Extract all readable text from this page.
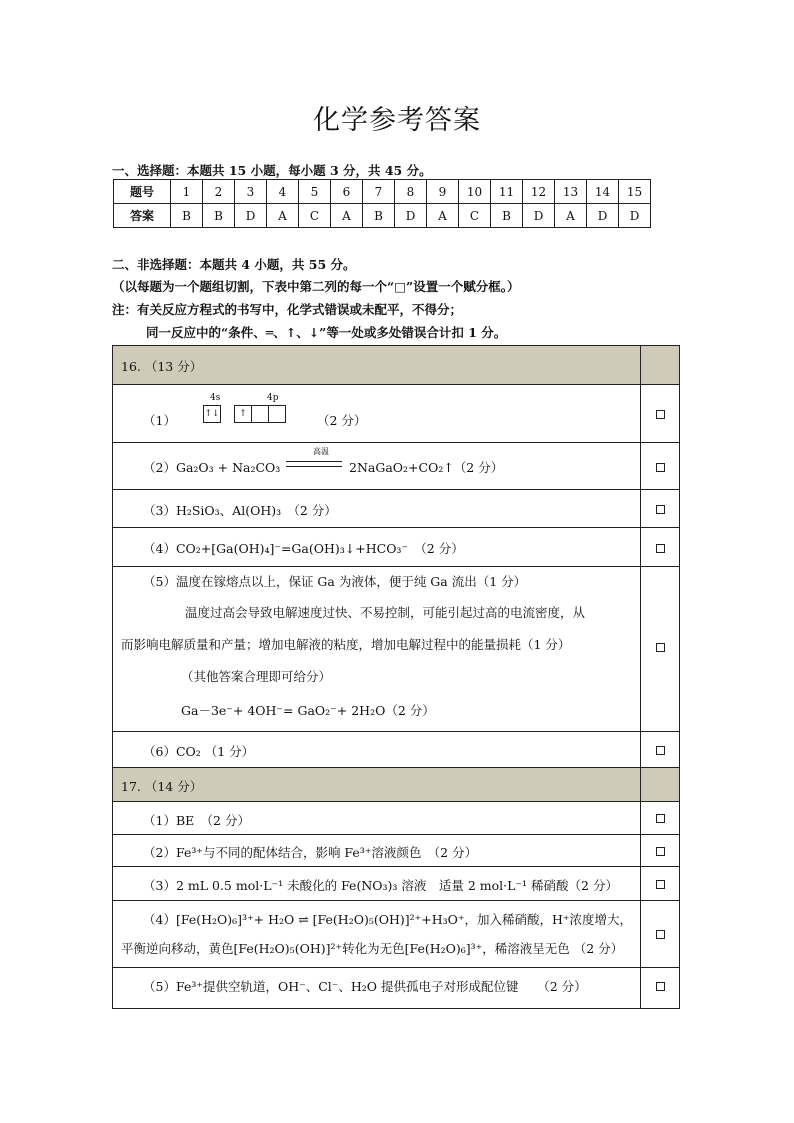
化学参考答案
一、选择题：本题共 15 小题，每小题 3 分，共 45 分。
题号	1	2	3	4	5	6	7	8	9	10	11	12	13	14	15
答案	B	B	D	A	C	A	B	D	A	C	B	D	A	D	D
二、非选择题：本题共 4 小题，共 55 分。
（以每题为一个题组切割，下表中第二列的每一个“□”设置一个赋分框。）
注：有关反应方程式的书写中，化学式错误或未配平，不得分；
同一反应中的“条件、═、↑、↓”等一处或多处错误合计扣 1 分。
16. （13 分）
（1）
4s	4p
↑↓	↑	（2 分）
（2）Ga₂O₃ + Na₂CO₃
高温
2NaGaO₂+CO₂↑（2 分）
（3）H₂SiO₃、Al(OH)₃　（2 分）
（4）CO₂+[Ga(OH)₄]⁻=Ga(OH)₃↓+HCO₃⁻　（2 分）
（5）温度在镓熔点以上，保证 Ga 为液体，便于纯 Ga 流出（1 分）
温度过高会导致电解速度过快、不易控制，可能引起过高的电流密度，从
而影响电解质量和产量；增加电解液的粘度，增加电解过程中的能量损耗（1 分）
（其他答案合理即可给分）
Ga－3e⁻+ 4OH⁻= GaO₂⁻+ 2H₂O（2 分）
（6）CO₂ （1 分）
17. （14 分）
（1）BE　（2 分）
（2）Fe³⁺与不同的配体结合，影响 Fe³⁺溶液颜色　（2 分）
（3）2 mL 0.5 mol·L⁻¹ 未酸化的 Fe(NO₃)₃ 溶液　适量 2 mol·L⁻¹ 稀硝酸（2 分）
（4）[Fe(H₂O)₆]³⁺+ H₂O ⇌ [Fe(H₂O)₅(OH)]²⁺+H₃O⁺，加入稀硝酸，H⁺浓度增大，
平衡逆向移动，黄色[Fe(H₂O)₅(OH)]²⁺转化为无色[Fe(H₂O)₆]³⁺，稀溶液呈无色 （2 分）
（5）Fe³⁺提供空轨道，OH⁻、Cl⁻、H₂O 提供孤电子对形成配位键　　（2 分）
